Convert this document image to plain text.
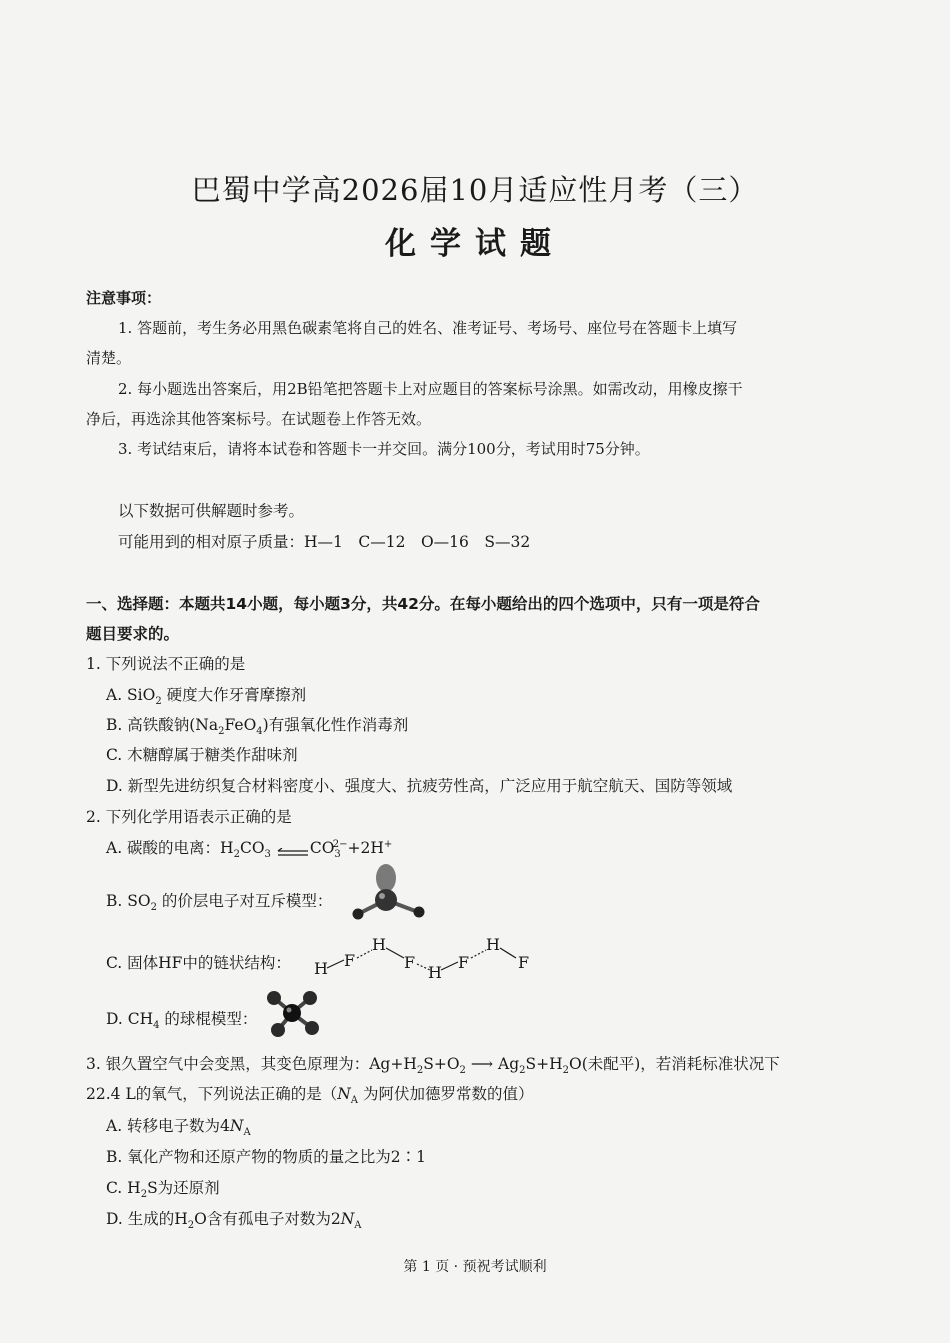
巴蜀中学高2026届10月适应性月考（三）
化学试题
注意事项：
1. 答题前，考生务必用黑色碳素笔将自己的姓名、准考证号、考场号、座位号在答题卡上填写
清楚。
2. 每小题选出答案后，用2B铅笔把答题卡上对应题目的答案标号涂黑。如需改动，用橡皮擦干
净后，再选涂其他答案标号。在试题卷上作答无效。
3. 考试结束后，请将本试卷和答题卡一并交回。满分100分，考试用时75分钟。
以下数据可供解题时参考。
可能用到的相对原子质量：H—1　C—12　O—16　S—32
一、选择题：本题共14小题，每小题3分，共42分。在每小题给出的四个选项中，只有一项是符合
题目要求的。
1. 下列说法不正确的是
A. SiO$_2$ 硬度大作牙膏摩擦剂
B. 高铁酸钠$(Na_2FeO_4)$有强氧化性作消毒剂
C. 木糖醇属于糖类作甜味剂
D. 新型先进纺织复合材料密度小、强度大、抗疲劳性高，广泛应用于航空航天、国防等领域
2. 下列化学用语表示正确的是
A. 碳酸的电离：$H_2CO_3$	$CO_3^{2-}+2H^+$
B. $SO_2$ 的价层电子对互斥模型：
C. 固体HF中的链状结构： H F
H
F
H
F
H
F
D. $CH_4$ 的球棍模型：
3. 银久置空气中会变黑，其变色原理为：$Ag+H_2S+O_2$ ⟶ $Ag_2S+H_2O$(未配平)，若消耗标准状况下
22.4 L的氧气，下列说法正确的是（$N_A$ 为阿伏加德罗常数的值）
A. 转移电子数为$4N_A$
B. 氧化产物和还原产物的物质的量之比为2∶1
C. $H_2S$为还原剂
D. 生成的$H_2O$含有孤电子对数为$2N_A$
第 1 页 · 预祝考试顺利
